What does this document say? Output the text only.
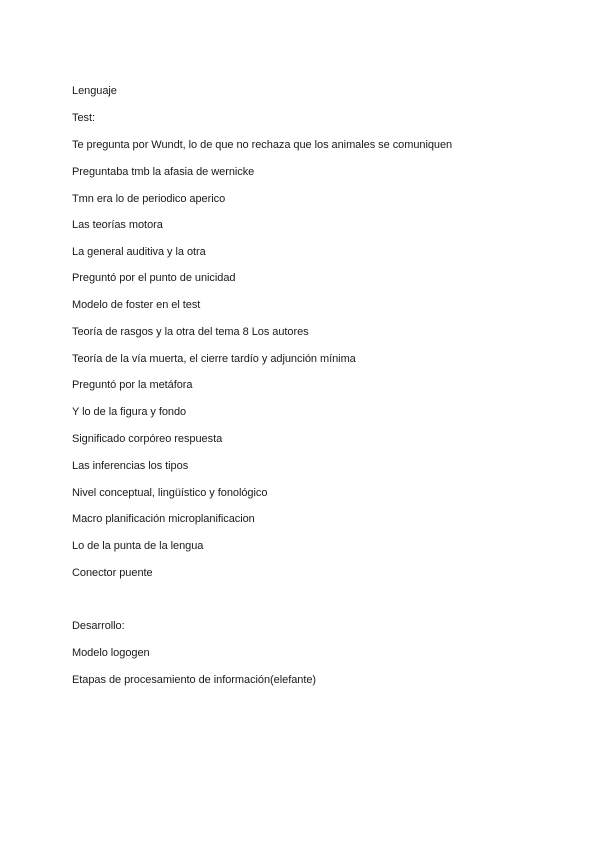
Lenguaje
Test:
Te pregunta por Wundt, lo de que no rechaza que los animales se comuniquen
Preguntaba tmb la afasia de wernicke
Tmn era lo de periodico aperico
Las teorías motora
La general auditiva y la otra
Preguntó por el punto de unicidad
Modelo de foster en el test
Teoría de rasgos y la otra del tema 8 Los autores
Teoría de la vía muerta, el cierre tardío y adjunción mínima
Preguntó por la metáfora
Y lo de la figura y fondo
Significado corpóreo respuesta
Las inferencias los tipos
Nivel conceptual, lingüístico y fonológico
Macro planificación microplanificacion
Lo de la punta de la lengua
Conector puente
Desarrollo:
Modelo logogen
Etapas de procesamiento de información(elefante)
